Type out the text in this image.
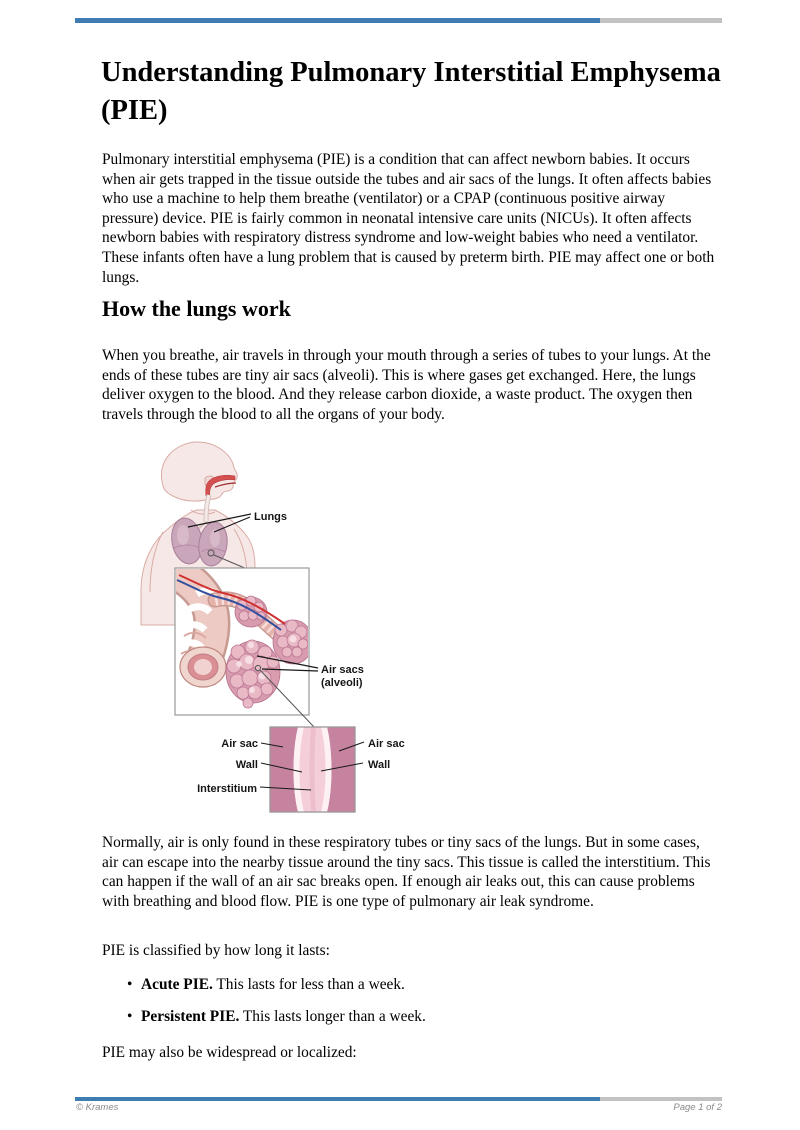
Understanding Pulmonary Interstitial Emphysema (PIE)

Pulmonary interstitial emphysema (PIE) is a condition that can affect newborn babies. It occurs when air gets trapped in the tissue outside the tubes and air sacs of the lungs. It often affects babies who use a machine to help them breathe (ventilator) or a CPAP (continuous positive airway pressure) device. PIE is fairly common in neonatal intensive care units (NICUs). It often affects newborn babies with respiratory distress syndrome and low-weight babies who need a ventilator. These infants often have a lung problem that is caused by preterm birth. PIE may affect one or both lungs.

How the lungs work

When you breathe, air travels in through your mouth through a series of tubes to your lungs. At the ends of these tubes are tiny air sacs (alveoli). This is where gases get exchanged. Here, the lungs deliver oxygen to the blood. And they release carbon dioxide, a waste product. The oxygen then travels through the blood to all the organs of your body.

Lungs
Air sacs
(alveoli)
Air sac	Air sac
Wall	Wall
Interstitium

Normally, air is only found in these respiratory tubes or tiny sacs of the lungs. But in some cases, air can escape into the nearby tissue around the tiny sacs. This tissue is called the interstitium. This can happen if the wall of an air sac breaks open. If enough air leaks out, this can cause problems with breathing and blood flow. PIE is one type of pulmonary air leak syndrome.

PIE is classified by how long it lasts:

• Acute PIE. This lasts for less than a week.
• Persistent PIE. This lasts longer than a week.

PIE may also be widespread or localized:

© Krames	Page 1 of 2
